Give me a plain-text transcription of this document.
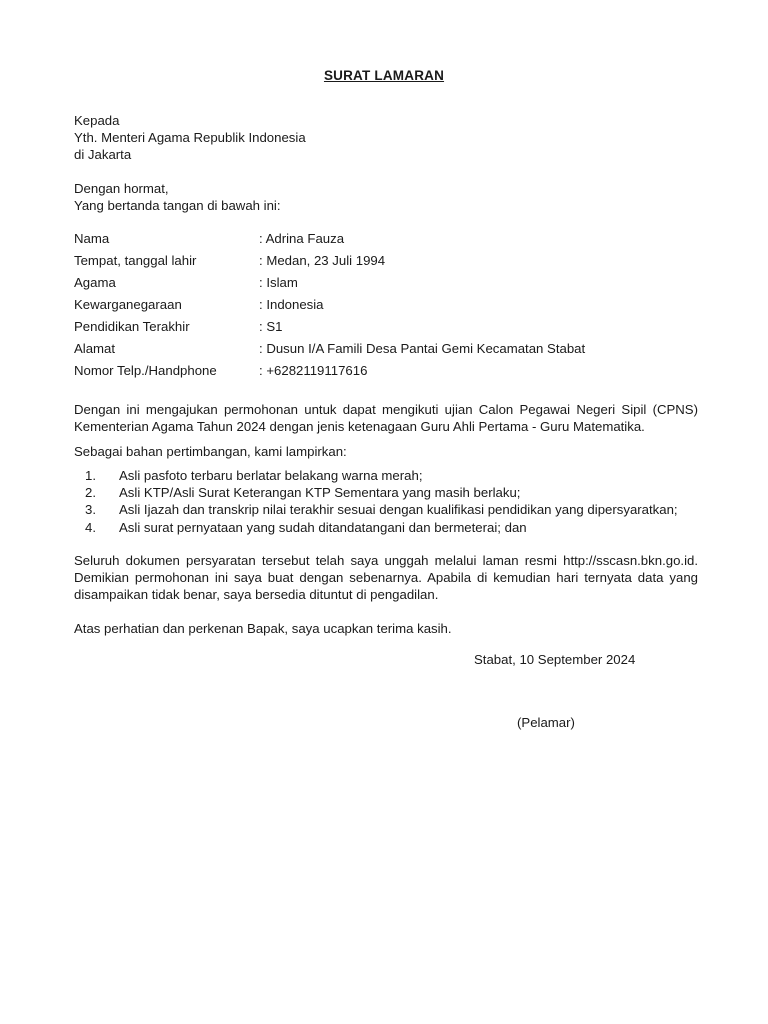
SURAT LAMARAN
Kepada
Yth. Menteri Agama Republik Indonesia
di Jakarta
Dengan hormat,
Yang bertanda tangan di bawah ini:
Nama	: Adrina Fauza
Tempat, tanggal lahir	: Medan, 23 Juli 1994
Agama	: Islam
Kewarganegaraan	: Indonesia
Pendidikan Terakhir	: S1
Alamat	: Dusun I/A Famili Desa Pantai Gemi Kecamatan Stabat
Nomor Telp./Handphone	: +6282119117616
Dengan ini mengajukan permohonan untuk dapat mengikuti ujian Calon Pegawai Negeri Sipil (CPNS)
Kementerian Agama Tahun 2024 dengan jenis ketenagaan Guru Ahli Pertama - Guru Matematika.
Sebagai bahan pertimbangan, kami lampirkan:
1.	Asli pasfoto terbaru berlatar belakang warna merah;
2.	Asli KTP/Asli Surat Keterangan KTP Sementara yang masih berlaku;
3.	Asli Ijazah dan transkrip nilai terakhir sesuai dengan kualifikasi pendidikan yang dipersyaratkan;
4.	Asli surat pernyataan yang sudah ditandatangani dan bermeterai; dan
Seluruh dokumen persyaratan tersebut telah saya unggah melalui laman resmi http://sscasn.bkn.go.id.
Demikian permohonan ini saya buat dengan sebenarnya. Apabila di kemudian hari ternyata data yang
disampaikan tidak benar, saya bersedia dituntut di pengadilan.
Atas perhatian dan perkenan Bapak, saya ucapkan terima kasih.
Stabat, 10 September 2024
(Pelamar)
